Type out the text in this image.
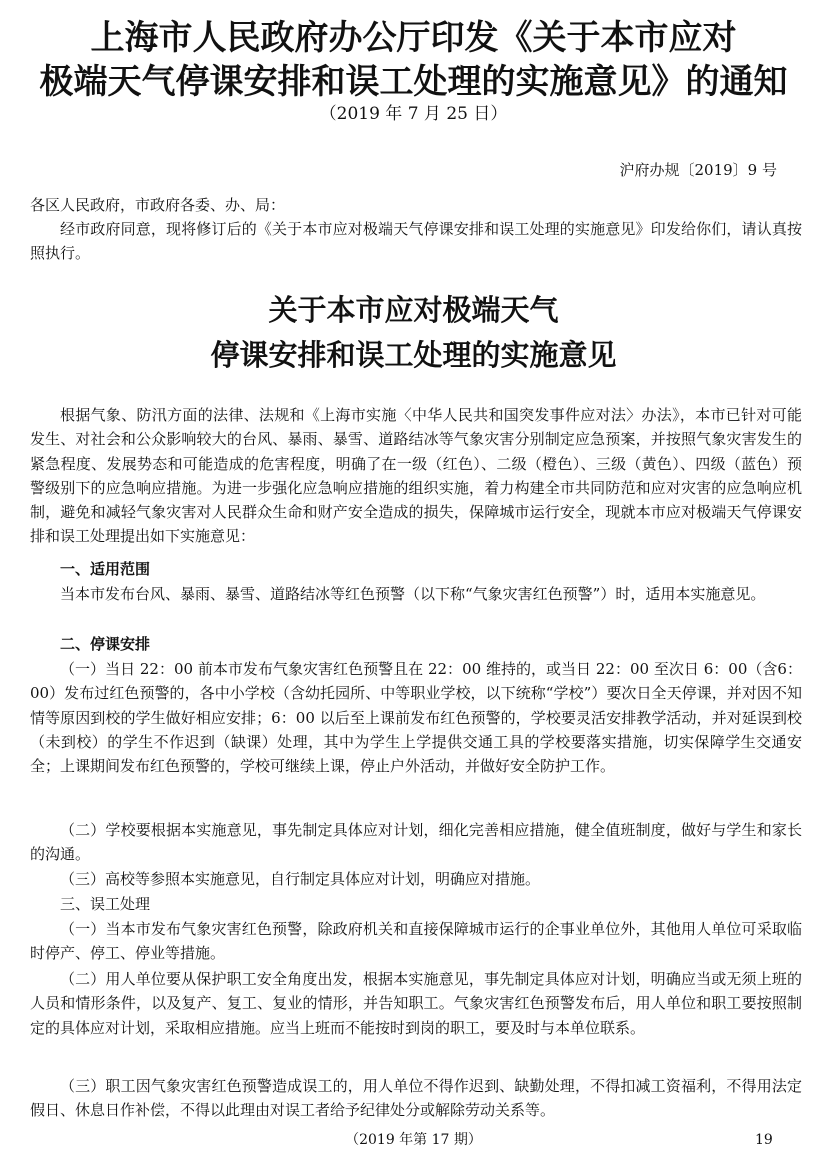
上海市人民政府办公厅印发《关于本市应对
极端天气停课安排和误工处理的实施意见》的通知
（2019 年 7 月 25 日）
沪府办规〔2019〕9 号

各区人民政府，市政府各委、办、局：

经市政府同意，现将修订后的《关于本市应对极端天气停课安排和误工处理的实施意见》印发给你们，请认真按照执行。

关于本市应对极端天气
停课安排和误工处理的实施意见

根据气象、防汛方面的法律、法规和《上海市实施〈中华人民共和国突发事件应对法〉办法》，本市已针对可能发生、对社会和公众影响较大的台风、暴雨、暴雪、道路结冰等气象灾害分别制定应急预案，并按照气象灾害发生的紧急程度、发展势态和可能造成的危害程度，明确了在一级（红色）、二级（橙色）、三级（黄色）、四级（蓝色）预警级别下的应急响应措施。为进一步强化应急响应措施的组织实施，着力构建全市共同防范和应对灾害的应急响应机制，避免和减轻气象灾害对人民群众生命和财产安全造成的损失，保障城市运行安全，现就本市应对极端天气停课安排和误工处理提出如下实施意见：

一、适用范围

当本市发布台风、暴雨、暴雪、道路结冰等红色预警（以下称“气象灾害红色预警”）时，适用本实施意见。

二、停课安排

（一）当日 22：00 前本市发布气象灾害红色预警且在 22：00 维持的，或当日 22：00 至次日 6：00（含6：00）发布过红色预警的，各中小学校（含幼托园所、中等职业学校，以下统称“学校”）要次日全天停课，并对因不知情等原因到校的学生做好相应安排；6：00 以后至上课前发布红色预警的，学校要灵活安排教学活动，并对延误到校（未到校）的学生不作迟到（缺课）处理，其中为学生上学提供交通工具的学校要落实措施，切实保障学生交通安全；上课期间发布红色预警的，学校可继续上课，停止户外活动，并做好安全防护工作。

（二）学校要根据本实施意见，事先制定具体应对计划，细化完善相应措施，健全值班制度，做好与学生和家长的沟通。

（三）高校等参照本实施意见，自行制定具体应对计划，明确应对措施。

三、误工处理

（一）当本市发布气象灾害红色预警，除政府机关和直接保障城市运行的企事业单位外，其他用人单位可采取临时停产、停工、停业等措施。

（二）用人单位要从保护职工安全角度出发，根据本实施意见，事先制定具体应对计划，明确应当或无须上班的人员和情形条件，以及复产、复工、复业的情形，并告知职工。气象灾害红色预警发布后，用人单位和职工要按照制定的具体应对计划，采取相应措施。应当上班而不能按时到岗的职工，要及时与本单位联系。

（三）职工因气象灾害红色预警造成误工的，用人单位不得作迟到、缺勤处理，不得扣减工资福利，不得用法定假日、休息日作补偿，不得以此理由对误工者给予纪律处分或解除劳动关系等。

（2019 年第 17 期）	19
